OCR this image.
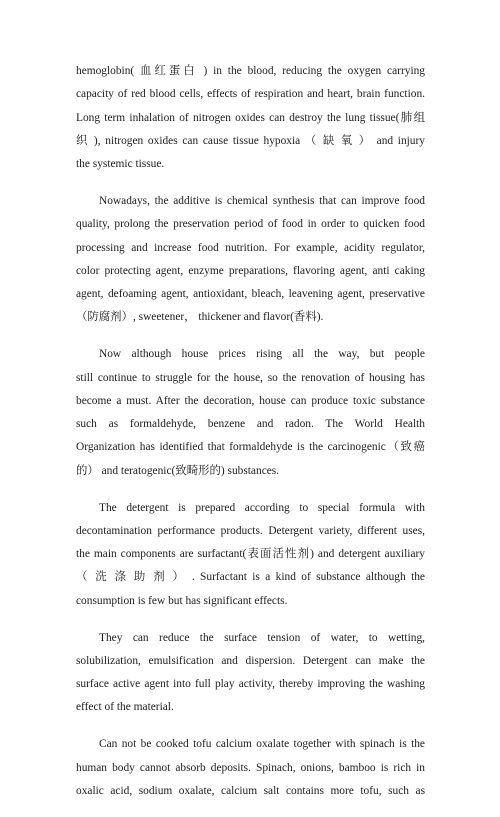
hemoglobin( 血红蛋白 ) in the blood, reducing the oxygen carrying
capacity of red blood cells, effects of respiration and heart, brain function.
Long term inhalation of nitrogen oxides can destroy the lung tissue(肺组
织 ), nitrogen oxides can cause tissue hypoxia （ 缺 氧 ） and injury
the systemic tissue.

Nowadays, the additive is chemical synthesis that can improve food
quality, prolong the preservation period of food in order to quicken food
processing and increase food nutrition. For example, acidity regulator,
color protecting agent, enzyme preparations, flavoring agent, anti caking
agent, defoaming agent, antioxidant, bleach, leavening agent, preservative
（防腐剂）, sweetener， thickener and flavor(香料).

Now although house prices rising all the way, but people
still continue to struggle for the house, so the renovation of housing has
become a must. After the decoration, house can produce toxic substance
such as formaldehyde, benzene and radon. The World Health
Organization has identified that formaldehyde is the carcinogenic（致癌
的） and teratogenic(致畸形的) substances.

The detergent is prepared according to special formula with
decontamination performance products. Detergent variety, different uses,
the main components are surfactant(表面活性剂) and detergent auxiliary
（ 洗 涤 助 剂 ） . Surfactant is a kind of substance although the
consumption is few but has significant effects.

They can reduce the surface tension of water, to wetting,
solubilization, emulsification and dispersion. Detergent can make the
surface active agent into full play activity, thereby improving the washing
effect of the material.

Can not be cooked tofu calcium oxalate together with spinach is the
human body cannot absorb deposits. Spinach, onions, bamboo is rich in
oxalic acid, sodium oxalate, calcium salt contains more tofu, such as
